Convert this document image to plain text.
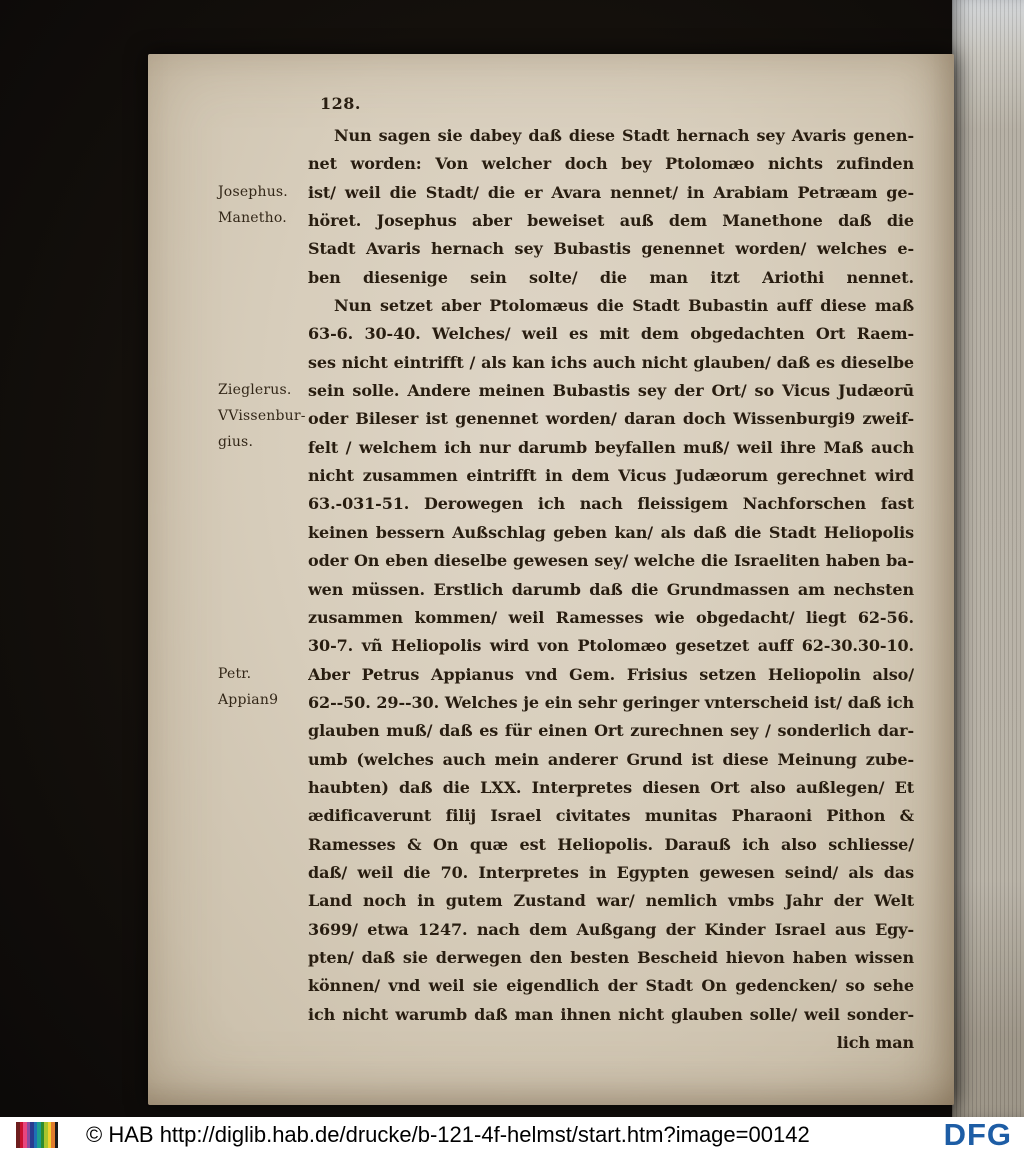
128.
Josephus.
Manetho.
Zieglerus.
VVissenbur-
gius.
Petr. Appian9
Nun sagen sie dabey daß diese Stadt hernach sey Avaris genen-
net worden: Von welcher doch bey Ptolomæo nichts zufinden
ist/ weil die Stadt/ die er Avara nennet/ in Arabiam Petræam ge-
höret. Josephus aber beweiset auß dem Manethone daß die
Stadt Avaris hernach sey Bubastis genennet worden/ welches e-
ben diesenige sein solte/ die man itzt Ariothi nennet.
Nun setzet aber Ptolomæus die Stadt Bubastin auff diese maß
63-6. 30-40. Welches/ weil es mit dem obgedachten Ort Raem-
ses nicht eintrifft / als kan ichs auch nicht glauben/ daß es dieselbe
sein solle. Andere meinen Bubastis sey der Ort/ so Vicus Judæorū
oder Bileser ist genennet worden/ daran doch Wissenburgi9 zweif-
felt / welchem ich nur darumb beyfallen muß/ weil ihre Maß auch
nicht zusammen eintrifft in dem Vicus Judæorum gerechnet wird
63.-031-51. Derowegen ich nach fleissigem Nachforschen fast
keinen bessern Außschlag geben kan/ als daß die Stadt Heliopolis
oder On eben dieselbe gewesen sey/ welche die Israeliten haben ba-
wen müssen. Erstlich darumb daß die Grundmassen am nechsten
zusammen kommen/ weil Ramesses wie obgedacht/ liegt 62-56.
30-7. vñ Heliopolis wird von Ptolomæo gesetzet auff 62-30.30-10.
Aber Petrus Appianus vnd Gem. Frisius setzen Heliopolin also/
62--50. 29--30. Welches je ein sehr geringer vnterscheid ist/ daß ich
glauben muß/ daß es für einen Ort zurechnen sey / sonderlich dar-
umb (welches auch mein anderer Grund ist diese Meinung zube-
haubten) daß die LXX. Interpretes diesen Ort also außlegen/ Et
ædificaverunt filij Israel civitates munitas Pharaoni Pithon &
Ramesses & On quæ est Heliopolis. Darauß ich also schliesse/
daß/ weil die 70. Interpretes in Egypten gewesen seind/ als das
Land noch in gutem Zustand war/ nemlich vmbs Jahr der Welt
3699/ etwa 1247. nach dem Außgang der Kinder Israel aus Egy-
pten/ daß sie derwegen den besten Bescheid hievon haben wissen
können/ vnd weil sie eigendlich der Stadt On gedencken/ so sehe
ich nicht warumb daß man ihnen nicht glauben solle/ weil sonder-
lich man
© HAB http://diglib.hab.de/drucke/b-121-4f-helmst/start.htm?image=00142	DFG
